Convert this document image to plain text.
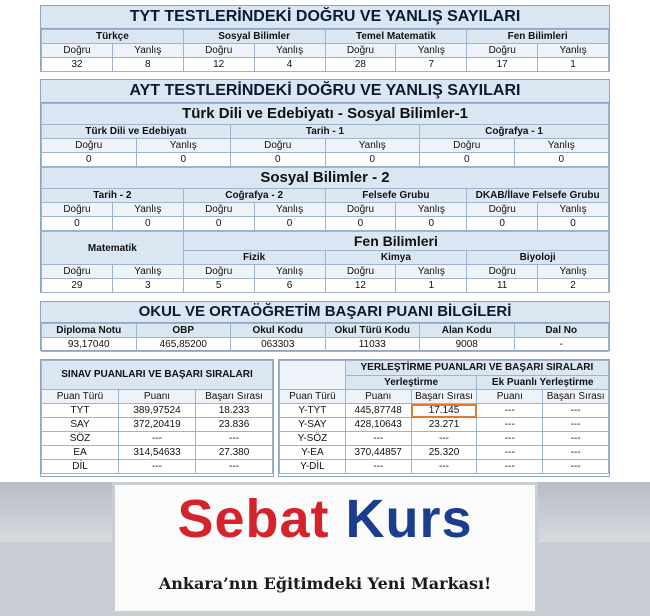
TYT TESTLERİNDEKİ DOĞRU VE YANLIŞ SAYILARI
Türkçe		Sosyal Bilimler		Temel Matematik		Fen Bilimleri	
Doğru	Yanlış	Doğru	Yanlış	Doğru	Yanlış	Doğru	Yanlış
32	8	12	4	28	7	17	1
AYT TESTLERİNDEKİ DOĞRU VE YANLIŞ SAYILARI
Türk Dili ve Edebiyatı - Sosyal Bilimler-1					
Türk Dili ve Edebiyatı		Tarih - 1		Coğrafya - 1	
Doğru	Yanlış	Doğru	Yanlış	Doğru	Yanlış
0	0	0	0	0	0
Sosyal Bilimler - 2							
Tarih - 2		Coğrafya - 2		Felsefe Grubu		DKAB/İlave Felsefe Grubu	
Doğru	Yanlış	Doğru	Yanlış	Doğru	Yanlış	Doğru	Yanlış
0	0	0	0	0	0	0	0
Matematik		Fen Bilimleri					
		Fizik		Kimya		Biyoloji	
Doğru	Yanlış	Doğru	Yanlış	Doğru	Yanlış	Doğru	Yanlış
29	3	5	6	12	1	11	2
OKUL VE ORTAÖĞRETİM BAŞARI PUANI BİLGİLERİ
Diploma Notu	OBP	Okul Kodu	Okul Türü Kodu	Alan Kodu	Dal No
93,17040	465,85200	063303	11033	9008	-
SINAV PUANLARI VE BAŞARI SIRALARI		
Puan Türü	Puanı	Başarı Sırası
TYT	389,97524	18.233
SAY	372,20419	23.836
SÖZ	---	---
EA	314,54633	27.380
DİL	---	---
	YERLEŞTİRME PUANLARI VE BAŞARI SIRALARI			
	Yerleştirme		Ek Puanlı Yerleştirme	
Puan Türü	Puanı	Başarı Sırası	Puanı	Başarı Sırası
Y-TYT	445,87748	17.145	---	---
Y-SAY	428,10643	23.271	---	---
Y-SÖZ	---	---	---	---
Y-EA	370,44857	25.320	---	---
Y-DİL	---	---	---	---
Sebat Kurs
Ankara’nın Eğitimdeki Yeni Markası!
